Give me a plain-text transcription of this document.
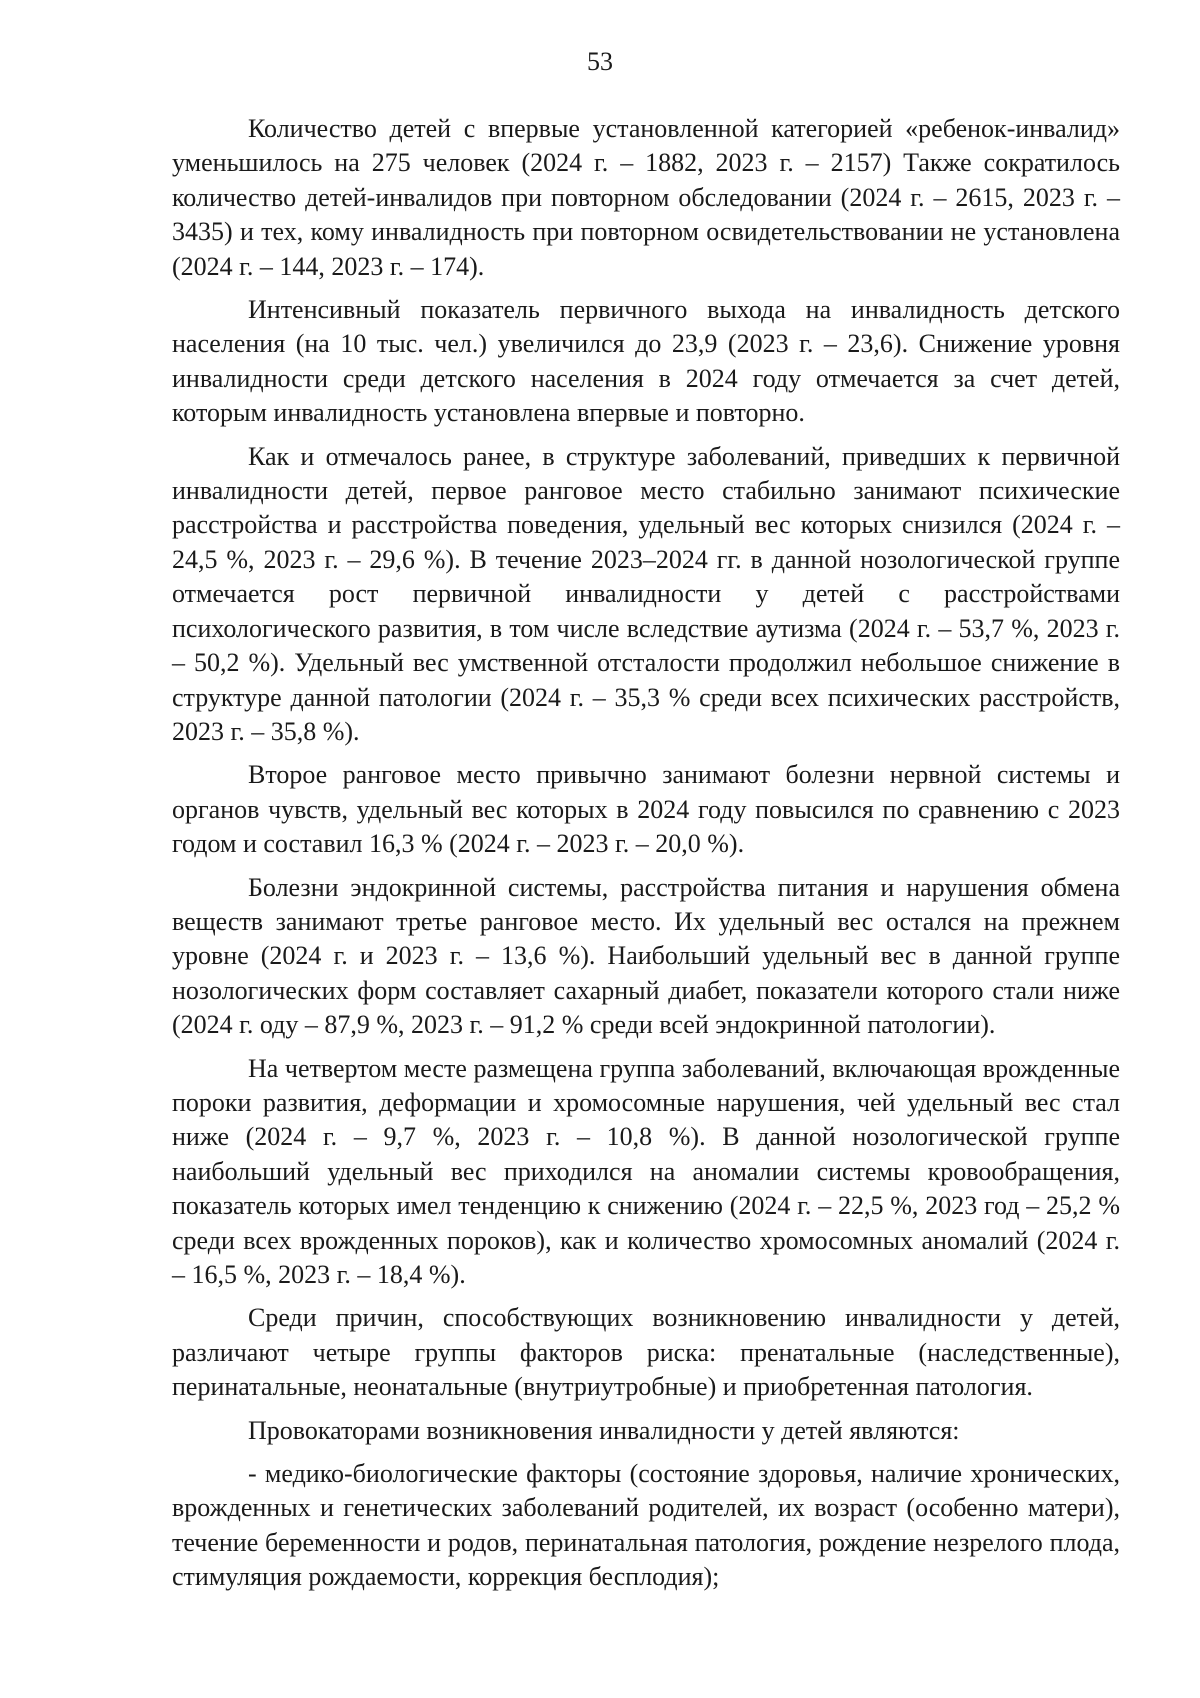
53

Количество детей с впервые установленной категорией «ребенок-инвалид» уменьшилось на 275 человек (2024 г. – 1882, 2023 г. – 2157) Также сократилось количество детей-инвалидов при повторном обследовании (2024 г. – 2615, 2023 г. – 3435) и тех, кому инвалидность при повторном освидетельствовании не установлена (2024 г. – 144, 2023 г. – 174).

Интенсивный показатель первичного выхода на инвалидность детского населения (на 10 тыс. чел.) увеличился до 23,9 (2023 г. – 23,6). Снижение уровня инвалидности среди детского населения в 2024 году отмечается за счет детей, которым инвалидность установлена впервые и повторно.

Как и отмечалось ранее, в структуре заболеваний, приведших к первичной инвалидности детей, первое ранговое место стабильно занимают психические расстройства и расстройства поведения, удельный вес которых снизился (2024 г. – 24,5 %, 2023 г. – 29,6 %). В течение 2023–2024 гг. в данной нозологической группе отмечается рост первичной инвалидности у детей с расстройствами психологического развития, в том числе вследствие аутизма (2024 г. – 53,7 %, 2023 г. – 50,2 %). Удельный вес умственной отсталости продолжил небольшое снижение в структуре данной патологии (2024 г. – 35,3 % среди всех психических расстройств, 2023 г. – 35,8 %).

Второе ранговое место привычно занимают болезни нервной системы и органов чувств, удельный вес которых в 2024 году повысился по сравнению с 2023 годом и составил 16,3 % (2024 г. – 2023 г. – 20,0 %).

Болезни эндокринной системы, расстройства питания и нарушения обмена веществ занимают третье ранговое место. Их удельный вес остался на прежнем уровне (2024 г. и 2023 г. – 13,6 %). Наибольший удельный вес в данной группе нозологических форм составляет сахарный диабет, показатели которого стали ниже (2024 г. оду – 87,9 %, 2023 г. – 91,2 % среди всей эндокринной патологии).

На четвертом месте размещена группа заболеваний, включающая врожденные пороки развития, деформации и хромосомные нарушения, чей удельный вес стал ниже (2024 г. – 9,7 %, 2023 г. – 10,8 %). В данной нозологической группе наибольший удельный вес приходился на аномалии системы кровообращения, показатель которых имел тенденцию к снижению (2024 г. – 22,5 %, 2023 год – 25,2 % среди всех врожденных пороков), как и количество хромосомных аномалий (2024 г. – 16,5 %, 2023 г. – 18,4 %).

Среди причин, способствующих возникновению инвалидности у детей, различают четыре группы факторов риска: пренатальные (наследственные), перинатальные, неонатальные (внутриутробные) и приобретенная патология.

Провокаторами возникновения инвалидности у детей являются:

- медико-биологические факторы (состояние здоровья, наличие хронических, врожденных и генетических заболеваний родителей, их возраст (особенно матери), течение беременности и родов, перинатальная патология, рождение незрелого плода, стимуляция рождаемости, коррекция бесплодия);
